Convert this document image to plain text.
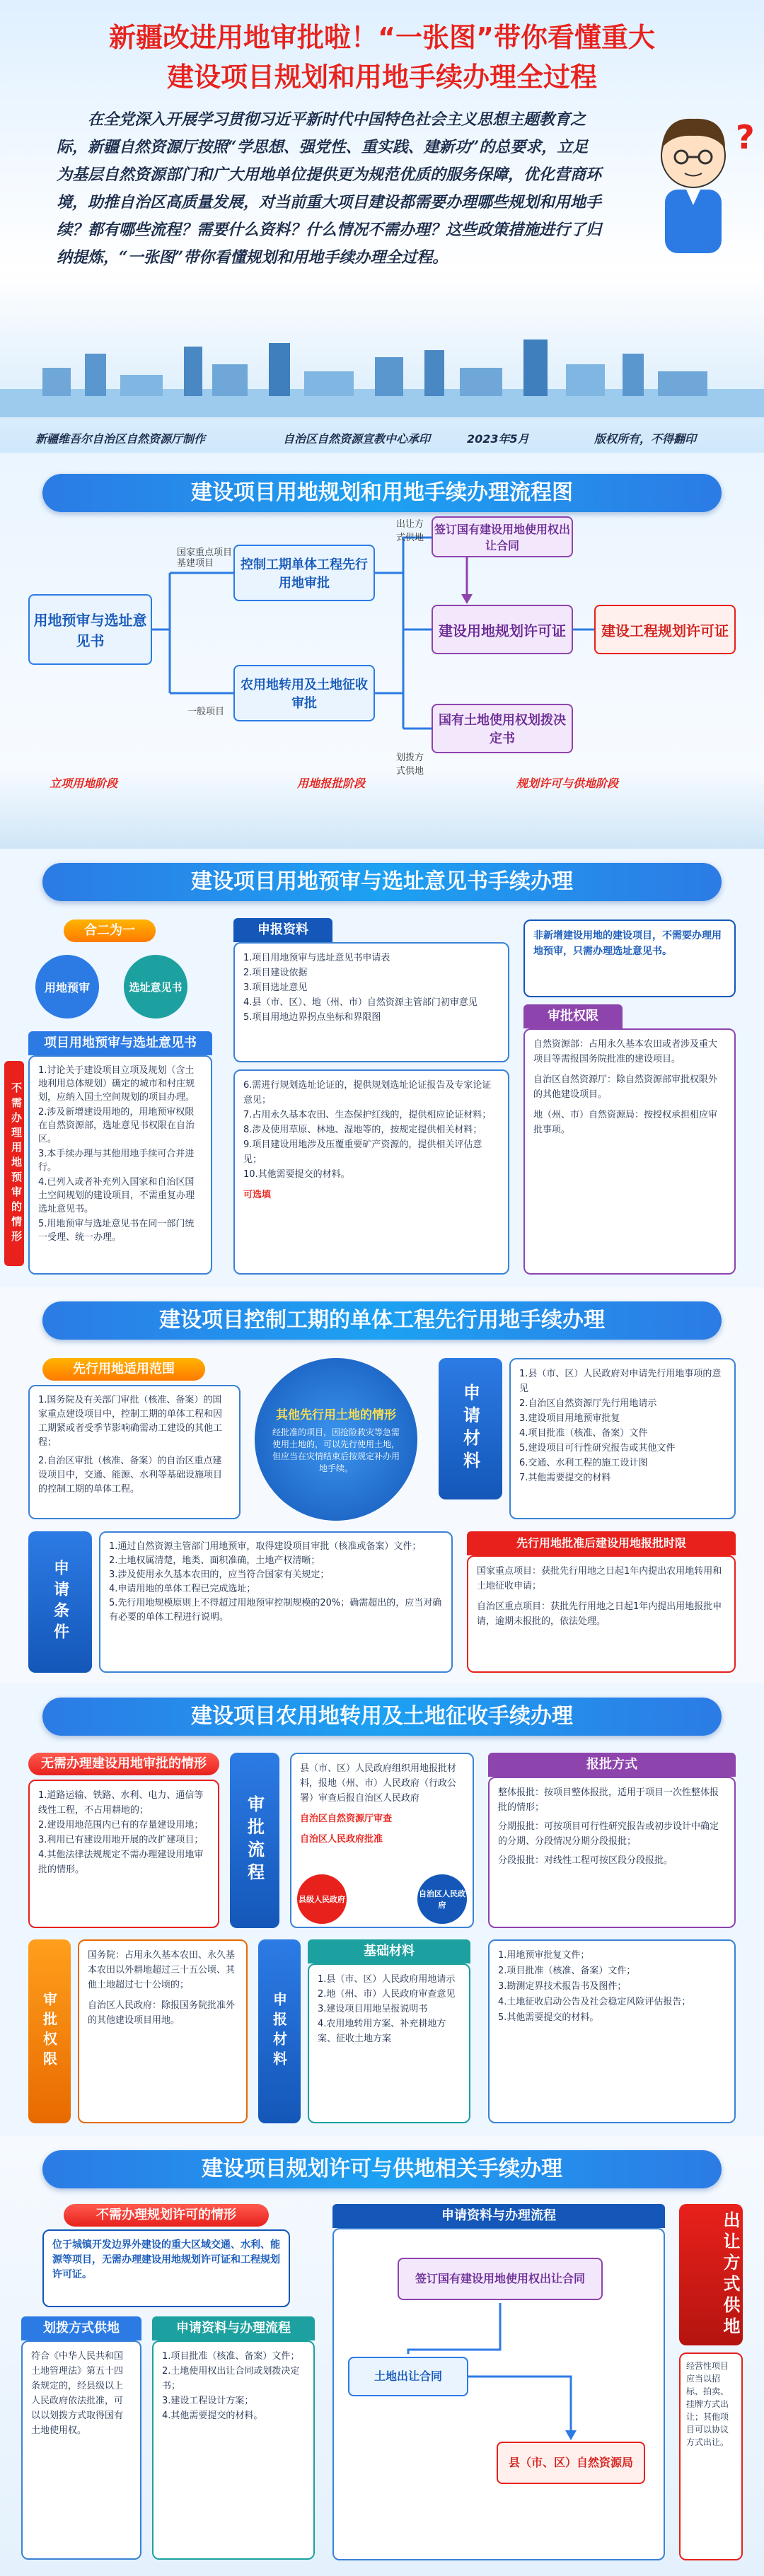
新疆改进用地审批啦！“一张图”带你看懂重大
建设项目规划和用地手续办理全过程
在全党深入开展学习贯彻习近平新时代中国特色社会主义思想主题教育之际，新疆自然资源厅按照“学思想、强党性、重实践、建新功”的总要求，立足为基层自然资源部门和广大用地单位提供更为规范优质的服务保障，优化营商环境，助推自治区高质量发展，对当前重大项目建设都需要办理哪些规划和用地手续？都有哪些流程？需要什么资料？什么情况不需办理？这些政策措施进行了归纳提炼，“一张图”带你看懂规划和用地手续办理全过程。
?
新疆维吾尔自治区自然资源厅制作	自治区自然资源宣教中心承印	2023年5月	版权所有，不得翻印
建设项目用地规划和用地手续办理流程图
用地预审与选址意见书
国家重点项目
基建项目
一般项目
控制工期单体工程先行用地审批
农用地转用及土地征收审批
出让方式供地
划拨方式供地
签订国有建设用地使用权出让合同
建设用地规划许可证
国有土地使用权划拨决定书
建设工程规划许可证
立项用地阶段	用地报批阶段	规划许可与供地阶段
建设项目用地预审与选址意见书手续办理
合二为一
用地预审	选址意见书
项目用地预审与选址意见书
1.讨论关于建设项目立项及规划（含土地利用总体规划）确定的城市和村庄规划，应纳入国土空间规划的项目办理。
2.涉及新增建设用地的，用地预审权限在自然资源部，选址意见书权限在自治区。
3.本手续办理与其他用地手续可合并进行。
4.已列入或者补充列入国家和自治区国土空间规划的建设项目，不需重复办理选址意见书。
5.用地预审与选址意见书在同一部门统一受理、统一办理。
不需办理用地预审的情形
申报资料
1.项目用地预审与选址意见书申请表
2.项目建设依据
3.项目选址意见
4.县（市、区）、地（州、市）自然资源主管部门初审意见
5.项目用地边界拐点坐标和界限图
6.需进行规划选址论证的，提供规划选址论证报告及专家论证意见；
7.占用永久基本农田、生态保护红线的，提供相应论证材料；
8.涉及使用草原、林地、湿地等的，按规定提供相关材料；
9.项目建设用地涉及压覆重要矿产资源的，提供相关评估意见；
10.其他需要提交的材料。
可选填
非新增建设用地的建设项目，不需要办理用地预审，只需办理选址意见书。
审批权限
自然资源部：占用永久基本农田或者涉及重大项目等需报国务院批准的建设项目。
自治区自然资源厅：除自然资源部审批权限外的其他建设项目。
地（州、市）自然资源局：按授权承担相应审批事项。
建设项目控制工期的单体工程先行用地手续办理
先行用地适用范围
1.国务院及有关部门审批（核准、备案）的国家重点建设项目中，控制工期的单体工程和因工期紧或者受季节影响确需动工建设的其他工程；
2.自治区审批（核准、备案）的自治区重点建设项目中，交通、能源、水利等基础设施项目的控制工期的单体工程。
其他先行用土地的情形
经批准的项目，因抢险救灾等急需使用土地的，可以先行使用土地，但应当在灾情结束后按规定补办用地手续。	申请材料
1.县（市、区）人民政府对申请先行用地事项的意见
2.自治区自然资源厅先行用地请示
3.建设项目用地预审批复
4.项目批准（核准、备案）文件
5.建设项目可行性研究报告或其他文件
6.交通、水利工程的施工设计图
7.其他需要提交的材料
申请条件
1.通过自然资源主管部门用地预审，取得建设项目审批（核准或备案）文件；
2.土地权属清楚，地类、面积准确，土地产权清晰；
3.涉及使用永久基本农田的，应当符合国家有关规定；
4.申请用地的单体工程已完成选址；
5.先行用地规模原则上不得超过用地预审控制规模的20%；确需超出的，应当对确有必要的单体工程进行说明。
先行用地批准后建设用地报批时限
国家重点项目：获批先行用地之日起1年内提出农用地转用和土地征收申请；
自治区重点项目：获批先行用地之日起1年内提出用地报批申请，逾期未报批的，依法处理。
建设项目农用地转用及土地征收手续办理
无需办理建设用地审批的情形
1.道路运输、铁路、水利、电力、通信等线性工程，不占用耕地的；
2.建设用地范围内已有的存量建设用地；
3.利用已有建设用地开展的改扩建项目；
4.其他法律法规规定不需办理建设用地审批的情形。	审批流程
县（市、区）人民政府组织用地报批材料，报地（州、市）人民政府（行政公署）审查后报自治区人民政府
自治区自然资源厅审查
自治区人民政府批准
县级人民政府
自治区人民政府
报批方式
整体报批：按项目整体报批，适用于项目一次性整体报批的情形；
分期报批：可按项目可行性研究报告或初步设计中确定的分期、分段情况分期分段报批；
分段报批：对线性工程可按区段分段报批。
审批权限
国务院：占用永久基本农田、永久基本农田以外耕地超过三十五公顷、其他土地超过七十公顷的；
自治区人民政府：除报国务院批准外的其他建设项目用地。	申报材料
基础材料
1.县（市、区）人民政府用地请示
2.地（州、市）人民政府审查意见
3.建设项目用地呈报说明书
4.农用地转用方案、补充耕地方案、征收土地方案
1.用地预审批复文件；
2.项目批准（核准、备案）文件；
3.勘测定界技术报告书及图件；
4.土地征收启动公告及社会稳定风险评估报告；
5.其他需要提交的材料。
建设项目规划许可与供地相关手续办理
不需办理规划许可的情形
位于城镇开发边界外建设的重大区域交通、水利、能源等项目，无需办理建设用地规划许可证和工程规划许可证。
划拨方式供地
符合《中华人民共和国土地管理法》第五十四条规定的，经县级以上人民政府依法批准，可以以划拨方式取得国有土地使用权。
申请资料与办理流程
1.项目批准（核准、备案）文件；
2.土地使用权出让合同或划拨决定书；
3.建设工程设计方案；
4.其他需要提交的材料。
申请资料与办理流程
签订国有建设用地使用权出让合同
土地出让合同
县（市、区）自然资源局
出让方式供地
经营性项目应当以招标、拍卖、挂牌方式出让；其他项目可以协议方式出让。
